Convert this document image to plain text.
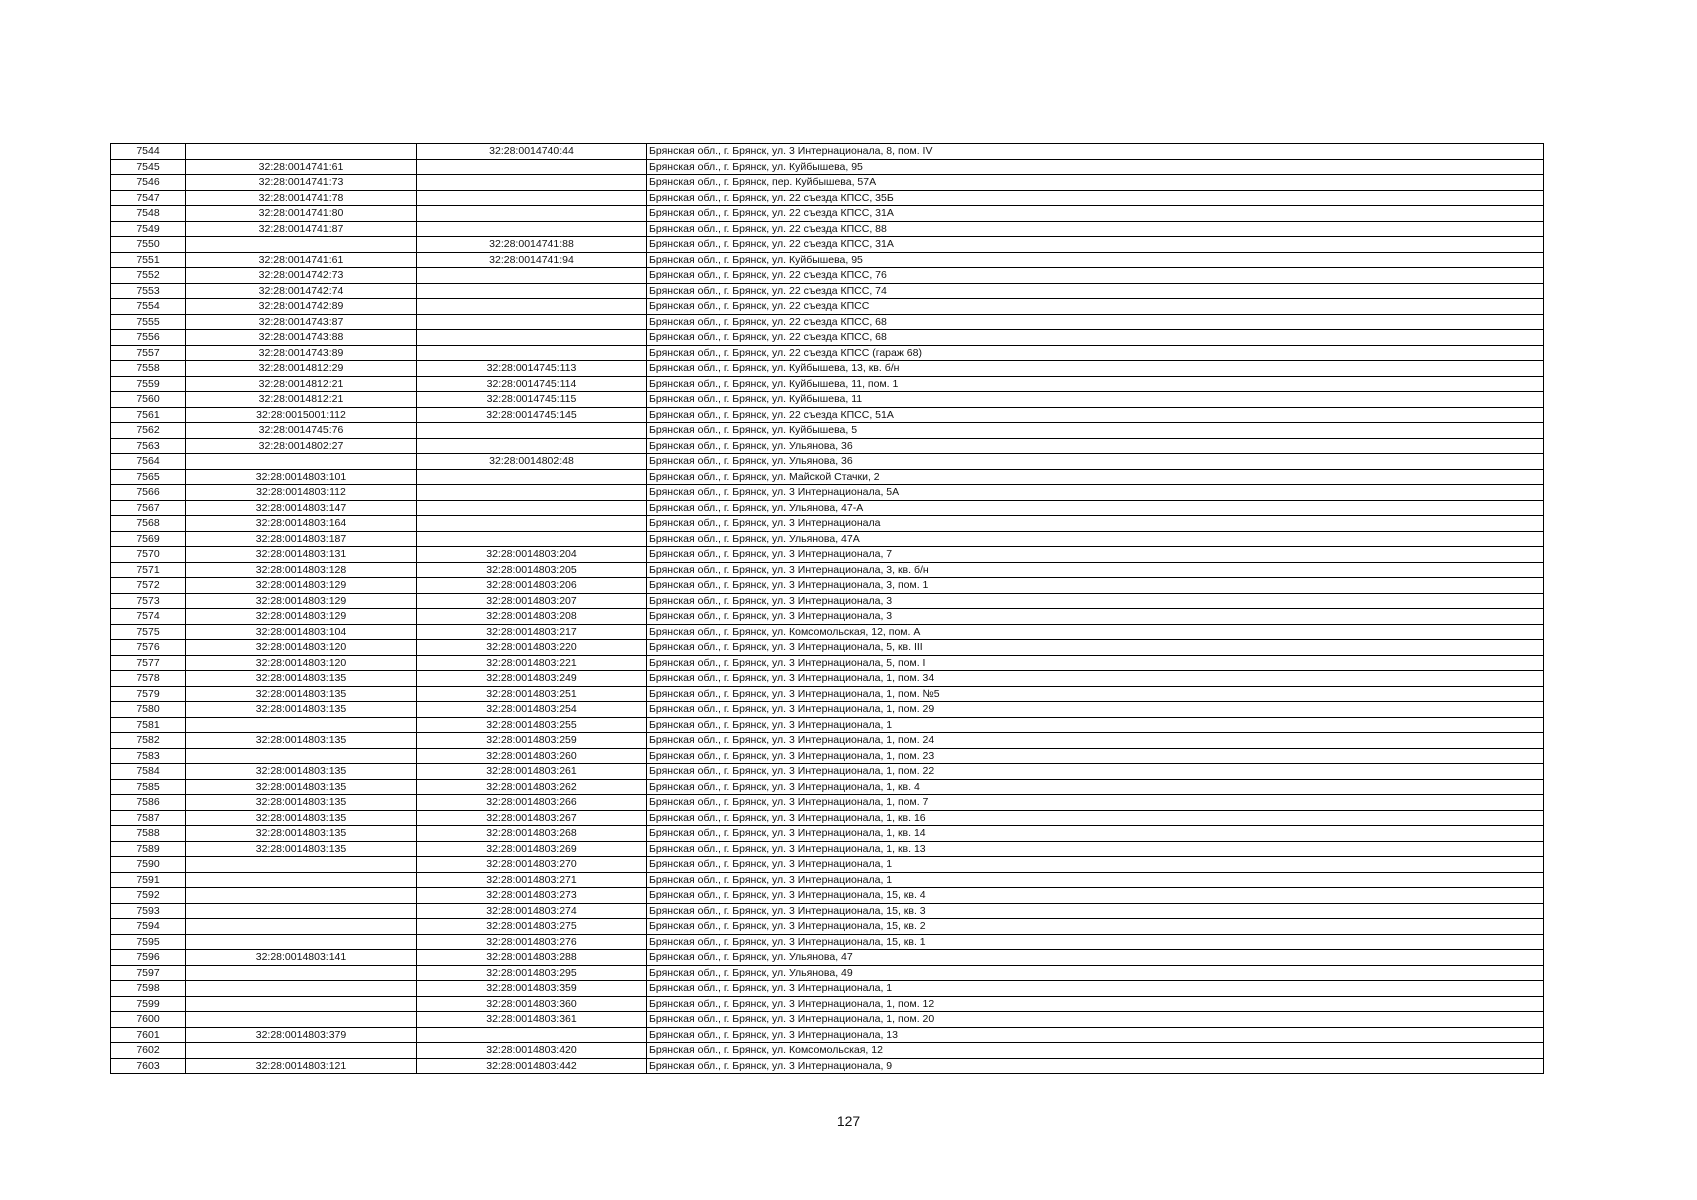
7544		32:28:0014740:44	Брянская обл., г. Брянск, ул. 3 Интернационала, 8, пом. IV
7545	32:28:0014741:61		Брянская обл., г. Брянск, ул. Куйбышева, 95
7546	32:28:0014741:73		Брянская обл., г. Брянск, пер. Куйбышева, 57А
7547	32:28:0014741:78		Брянская обл., г. Брянск, ул. 22 съезда КПСС, 35Б
7548	32:28:0014741:80		Брянская обл., г. Брянск, ул. 22 съезда КПСС, 31А
7549	32:28:0014741:87		Брянская обл., г. Брянск, ул. 22 съезда КПСС, 88
7550		32:28:0014741:88	Брянская обл., г. Брянск, ул. 22 съезда КПСС, 31А
7551	32:28:0014741:61	32:28:0014741:94	Брянская обл., г. Брянск, ул. Куйбышева, 95
7552	32:28:0014742:73		Брянская обл., г. Брянск, ул. 22 съезда КПСС, 76
7553	32:28:0014742:74		Брянская обл., г. Брянск, ул. 22 съезда КПСС, 74
7554	32:28:0014742:89		Брянская обл., г. Брянск, ул. 22 съезда КПСС
7555	32:28:0014743:87		Брянская обл., г. Брянск, ул. 22 съезда КПСС, 68
7556	32:28:0014743:88		Брянская обл., г. Брянск, ул. 22 съезда КПСС, 68
7557	32:28:0014743:89		Брянская обл., г. Брянск, ул. 22 съезда КПСС (гараж 68)
7558	32:28:0014812:29	32:28:0014745:113	Брянская обл., г. Брянск, ул. Куйбышева, 13, кв. б/н
7559	32:28:0014812:21	32:28:0014745:114	Брянская обл., г. Брянск, ул. Куйбышева, 11, пом. 1
7560	32:28:0014812:21	32:28:0014745:115	Брянская обл., г. Брянск, ул. Куйбышева, 11
7561	32:28:0015001:112	32:28:0014745:145	Брянская обл., г. Брянск, ул. 22 съезда КПСС, 51А
7562	32:28:0014745:76		Брянская обл., г. Брянск, ул. Куйбышева, 5
7563	32:28:0014802:27		Брянская обл., г. Брянск, ул. Ульянова, 36
7564		32:28:0014802:48	Брянская обл., г. Брянск, ул. Ульянова, 36
7565	32:28:0014803:101		Брянская обл., г. Брянск, ул. Майской Стачки, 2
7566	32:28:0014803:112		Брянская обл., г. Брянск, ул. 3 Интернационала, 5А
7567	32:28:0014803:147		Брянская обл., г. Брянск, ул. Ульянова, 47-А
7568	32:28:0014803:164		Брянская обл., г. Брянск, ул. 3 Интернационала
7569	32:28:0014803:187		Брянская обл., г. Брянск, ул. Ульянова, 47А
7570	32:28:0014803:131	32:28:0014803:204	Брянская обл., г. Брянск, ул. 3 Интернационала, 7
7571	32:28:0014803:128	32:28:0014803:205	Брянская обл., г. Брянск, ул. 3 Интернационала, 3, кв. б/н
7572	32:28:0014803:129	32:28:0014803:206	Брянская обл., г. Брянск, ул. 3 Интернационала, 3, пом. 1
7573	32:28:0014803:129	32:28:0014803:207	Брянская обл., г. Брянск, ул. 3 Интернационала, 3
7574	32:28:0014803:129	32:28:0014803:208	Брянская обл., г. Брянск, ул. 3 Интернационала, 3
7575	32:28:0014803:104	32:28:0014803:217	Брянская обл., г. Брянск, ул. Комсомольская, 12, пом. А
7576	32:28:0014803:120	32:28:0014803:220	Брянская обл., г. Брянск, ул. 3 Интернационала, 5, кв. III
7577	32:28:0014803:120	32:28:0014803:221	Брянская обл., г. Брянск, ул. 3 Интернационала, 5, пом. I
7578	32:28:0014803:135	32:28:0014803:249	Брянская обл., г. Брянск, ул. 3 Интернационала, 1, пом. 34
7579	32:28:0014803:135	32:28:0014803:251	Брянская обл., г. Брянск, ул. 3 Интернационала, 1, пом. №5
7580	32:28:0014803:135	32:28:0014803:254	Брянская обл., г. Брянск, ул. 3 Интернационала, 1, пом. 29
7581		32:28:0014803:255	Брянская обл., г. Брянск, ул. 3 Интернационала, 1
7582	32:28:0014803:135	32:28:0014803:259	Брянская обл., г. Брянск, ул. 3 Интернационала, 1, пом. 24
7583		32:28:0014803:260	Брянская обл., г. Брянск, ул. 3 Интернационала, 1, пом. 23
7584	32:28:0014803:135	32:28:0014803:261	Брянская обл., г. Брянск, ул. 3 Интернационала, 1, пом. 22
7585	32:28:0014803:135	32:28:0014803:262	Брянская обл., г. Брянск, ул. 3 Интернационала, 1, кв. 4
7586	32:28:0014803:135	32:28:0014803:266	Брянская обл., г. Брянск, ул. 3 Интернационала, 1, пом. 7
7587	32:28:0014803:135	32:28:0014803:267	Брянская обл., г. Брянск, ул. 3 Интернационала, 1, кв. 16
7588	32:28:0014803:135	32:28:0014803:268	Брянская обл., г. Брянск, ул. 3 Интернационала, 1, кв. 14
7589	32:28:0014803:135	32:28:0014803:269	Брянская обл., г. Брянск, ул. 3 Интернационала, 1, кв. 13
7590		32:28:0014803:270	Брянская обл., г. Брянск, ул. 3 Интернационала, 1
7591		32:28:0014803:271	Брянская обл., г. Брянск, ул. 3 Интернационала, 1
7592		32:28:0014803:273	Брянская обл., г. Брянск, ул. 3 Интернационала, 15, кв. 4
7593		32:28:0014803:274	Брянская обл., г. Брянск, ул. 3 Интернационала, 15, кв. 3
7594		32:28:0014803:275	Брянская обл., г. Брянск, ул. 3 Интернационала, 15, кв. 2
7595		32:28:0014803:276	Брянская обл., г. Брянск, ул. 3 Интернационала, 15, кв. 1
7596	32:28:0014803:141	32:28:0014803:288	Брянская обл., г. Брянск, ул. Ульянова, 47
7597		32:28:0014803:295	Брянская обл., г. Брянск, ул. Ульянова, 49
7598		32:28:0014803:359	Брянская обл., г. Брянск, ул. 3 Интернационала, 1
7599		32:28:0014803:360	Брянская обл., г. Брянск, ул. 3 Интернационала, 1, пом. 12
7600		32:28:0014803:361	Брянская обл., г. Брянск, ул. 3 Интернационала, 1, пом. 20
7601	32:28:0014803:379		Брянская обл., г. Брянск, ул. 3 Интернационала, 13
7602		32:28:0014803:420	Брянская обл., г. Брянск, ул. Комсомольская, 12
7603	32:28:0014803:121	32:28:0014803:442	Брянская обл., г. Брянск, ул. 3 Интернационала, 9
127
